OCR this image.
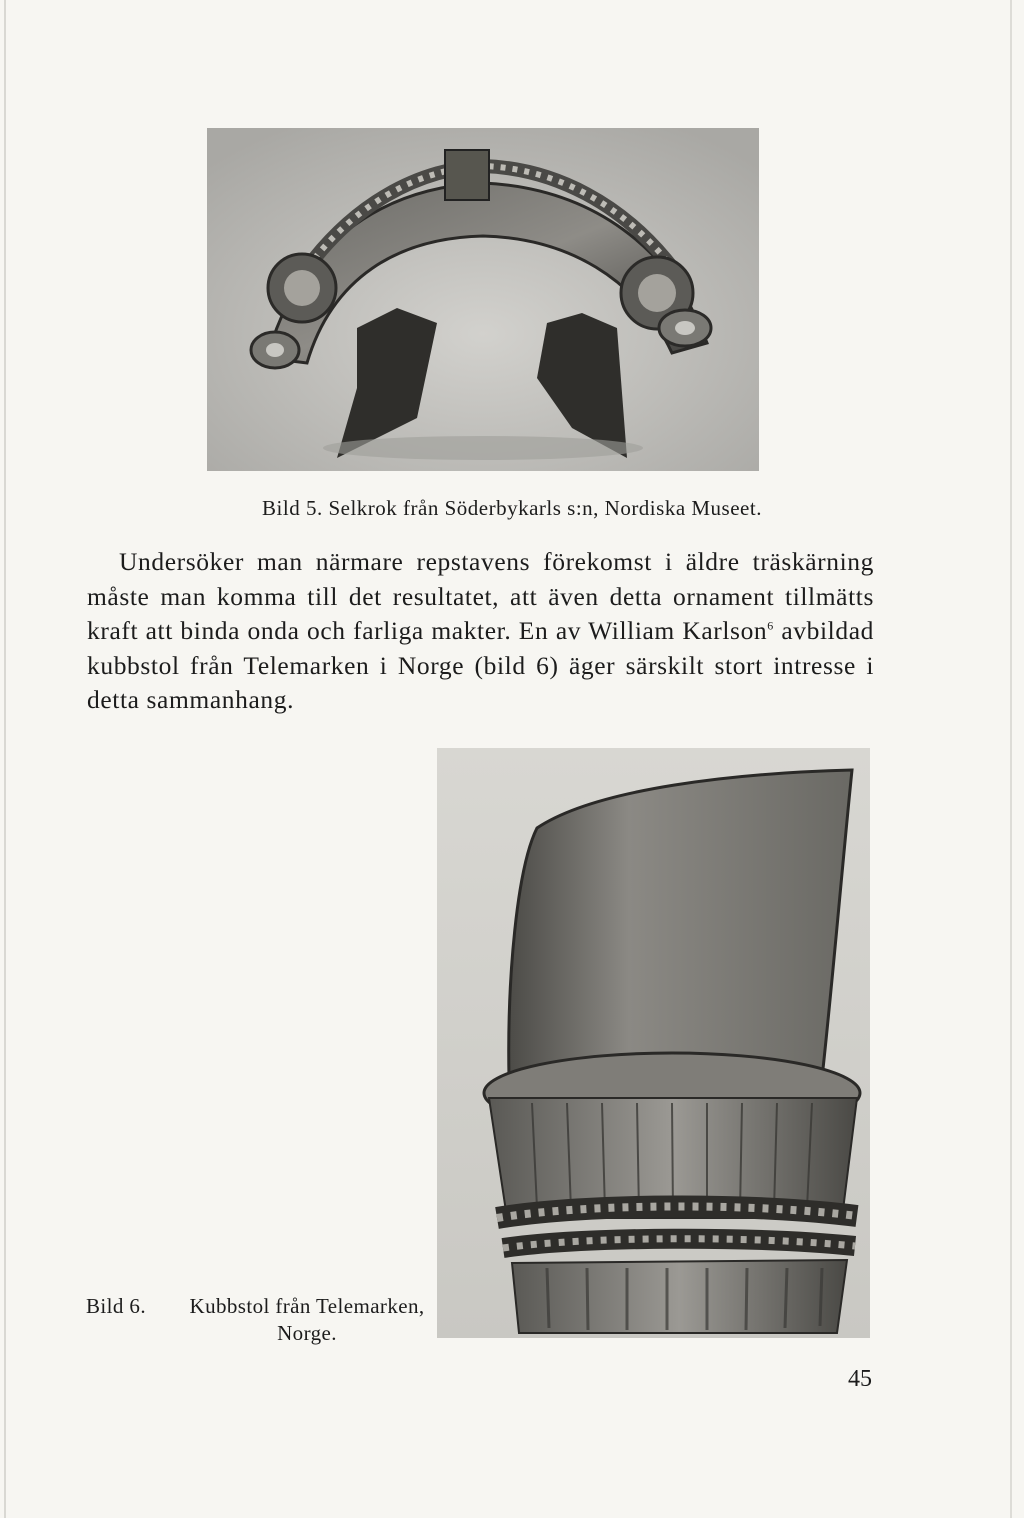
Bild 5. Selkrok från Söderbykarls s:n, Nordiska Museet.

Undersöker man närmare repstavens förekomst i äldre träskärning måste man komma till det resultatet, att även detta ornament tillmätts kraft att binda onda och farliga makter. En av William Karlson$^6$ avbildad kubbstol från Telemarken i Norge (bild 6) äger särskilt stort intresse i detta sammanhang.

Bild 6.	Kubbstol från Telemarken, Norge.
45
